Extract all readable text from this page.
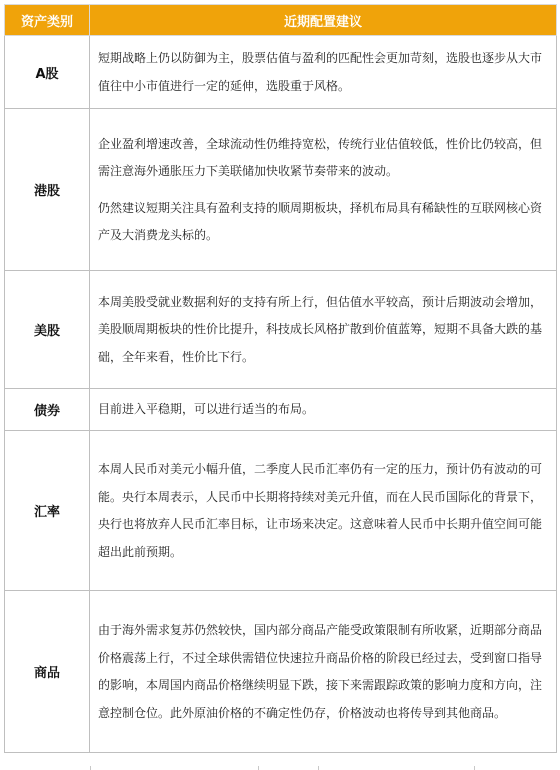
资产类别	近期配置建议
A股	短期战略上仍以防御为主，股票估值与盈利的匹配性会更加苛刻，选股也逐步从大市值往中小市值进行一定的延伸，选股重于风格。

港股	企业盈利增速改善，全球流动性仍维持宽松，传统行业估值较低，性价比仍较高，但需注意海外通胀压力下美联储加快收紧节奏带来的波动。
仍然建议短期关注具有盈利支持的顺周期板块，择机布局具有稀缺性的互联网核心资产及大消费龙头标的。

美股	本周美股受就业数据利好的支持有所上行，但估值水平较高，预计后期波动会增加，美股顺周期板块的性价比提升，科技成长风格扩散到价值蓝筹，短期不具备大跌的基础，全年来看，性价比下行。

债券	目前进入平稳期，可以进行适当的布局。

汇率	本周人民币对美元小幅升值，二季度人民币汇率仍有一定的压力，预计仍有波动的可能。央行本周表示，人民币中长期将持续对美元升值，而在人民币国际化的背景下，央行也将放弃人民币汇率目标，让市场来决定。这意味着人民币中长期升值空间可能超出此前预期。

商品	由于海外需求复苏仍然较快，国内部分商品产能受政策限制有所收紧，近期部分商品价格震荡上行，不过全球供需错位快速拉升商品价格的阶段已经过去，受到窗口指导的影响，本周国内商品价格继续明显下跌，接下来需跟踪政策的影响力度和方向，注意控制仓位。此外原油价格的不确定性仍存，价格波动也将传导到其他商品。
